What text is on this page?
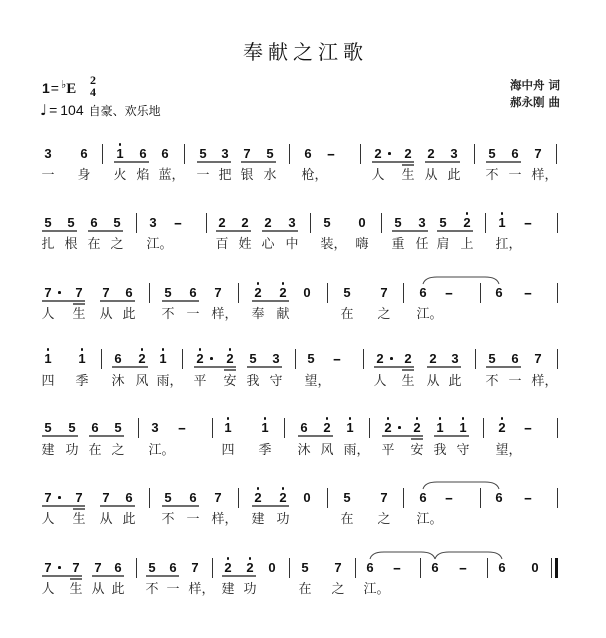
奉献之江歌
1= ♭E
2
4
♩ = 104 自豪、欢乐地
海中舟 词
郝永刚 曲
3 6 1 6 6 5 3 7 5 6	-	2 2 2 3 5 6 7
一 身 火 焰 蓝， 一 把 银 水 枪，	人 生 从 此 不 一 样，
5 5 6 5 3	-	2 2 2 3 5 0 5 3 5 2 1	-
扎 根 在 之 江。	百 姓 心 中 装， 嗨 重 任 肩 上 扛，
7 7 7 6 5 6 7	2 2 0	5 7 6	-	6	-
人 生 从 此 不 一 样， 奉 献	在 之 江。
1 1 6 2 1 2 2 5 3 5	-	2 2 2 3 5 6 7
四 季 沐 风 雨， 平 安 我 守 望，	人 生 从 此 不 一 样，
5 5 6 5 3	-	1 1 6 2 1 2 2 1 1 2	-
建 功 在 之 江。	四 季 沐 风 雨， 平 安 我 守 望，
7 7 7 6 5 6 7	2 2 0	5 7 6	-	6	-
人 生 从 此 不 一 样， 建 功	在 之 江。
7 7 7 6 5 6 7 2 2 0 5 7 6	-	6	-	6 0
人 生 从 此 不 一 样， 建 功	在 之 江。
